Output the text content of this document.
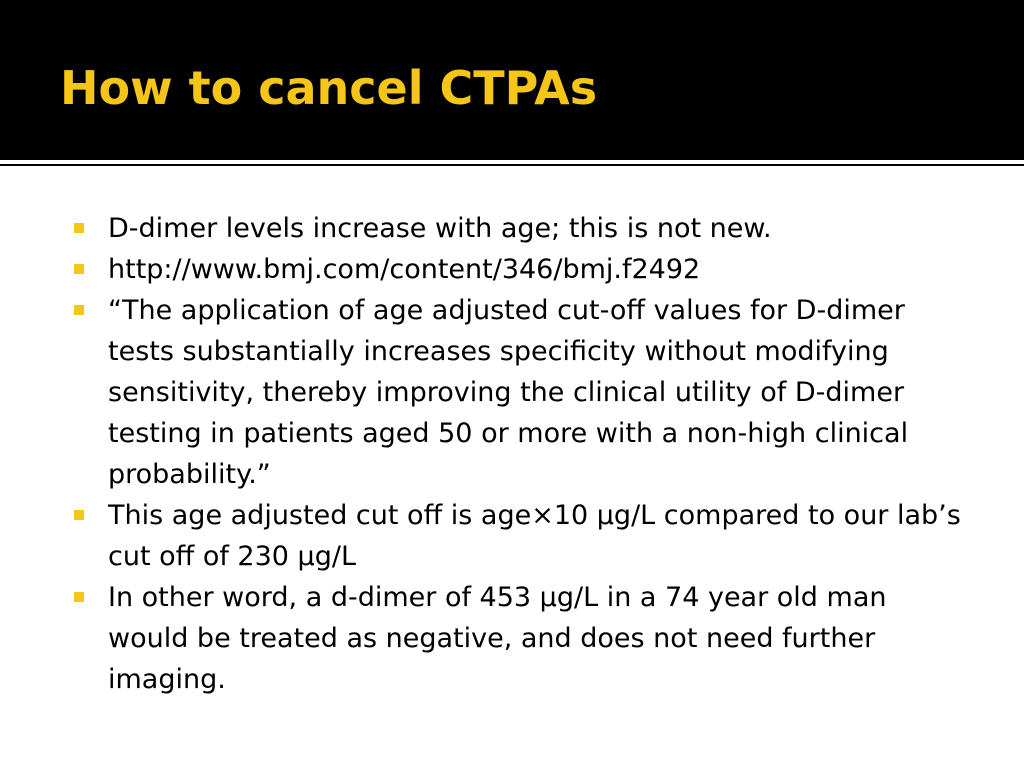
How to cancel CTPAs
D-dimer levels increase with age; this is not new.
http://www.bmj.com/content/346/bmj.f2492
“The application of age adjusted cut-off values for D-dimer tests substantially increases specificity without modifying sensitivity, thereby improving the clinical utility of D-dimer testing in patients aged 50 or more with a non-high clinical probability.”
This age adjusted cut off is age×10 µg/L compared to our lab’s cut off of 230 µg/L
In other word, a d-dimer of 453 µg/L in a 74 year old man would be treated as negative, and does not need further imaging.
